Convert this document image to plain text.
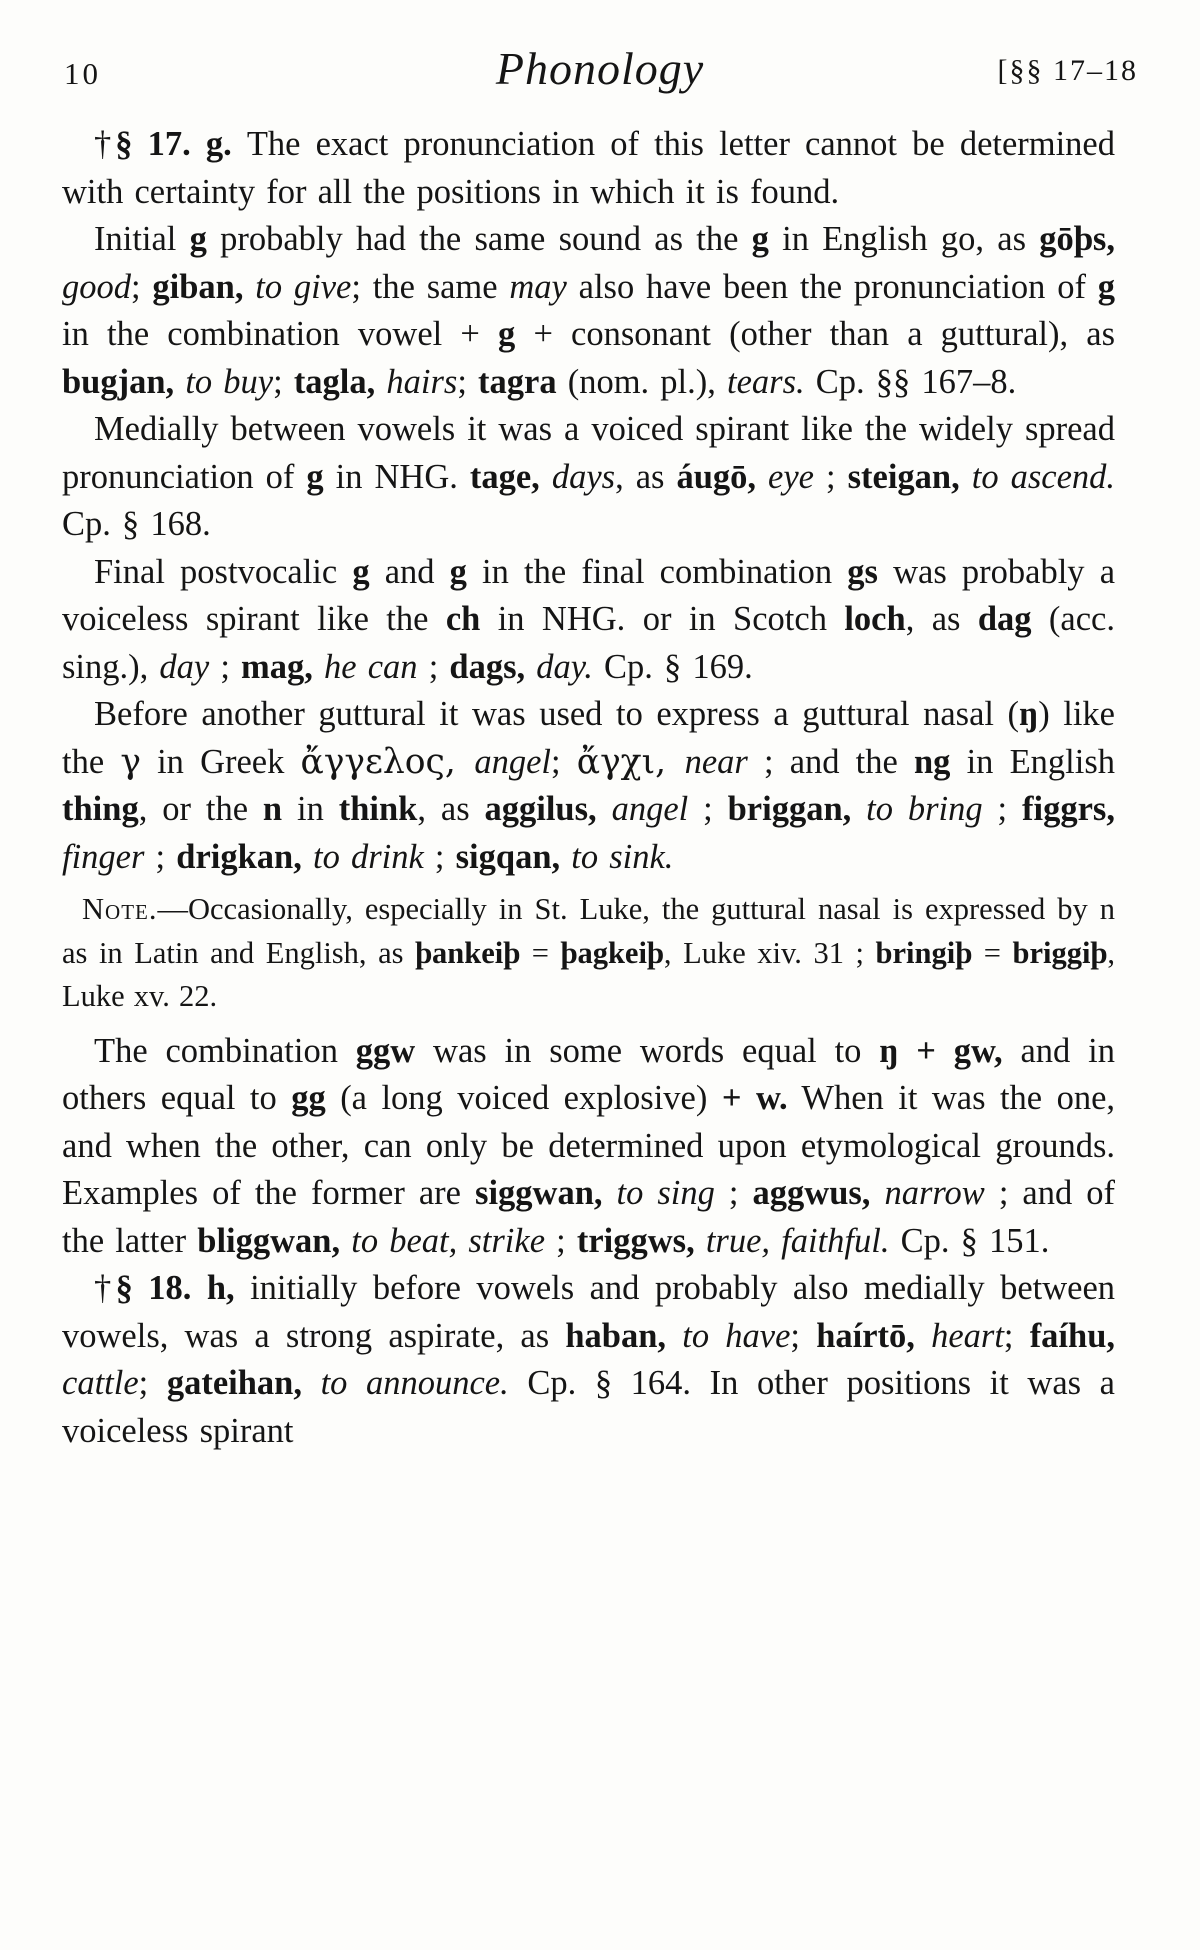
10	Phonology	[§§ 17–18

†§ 17. g. The exact pronunciation of this letter cannot be determined with certainty for all the positions in which it is found.

Initial g probably had the same sound as the g in English go, as gōþs, good; giban, to give; the same may also have been the pronunciation of g in the combination vowel + g + consonant (other than a guttural), as bugjan, to buy; tagla, hairs; tagra (nom. pl.), tears. Cp. §§ 167–8.

Medially between vowels it was a voiced spirant like the widely spread pronunciation of g in NHG. tage, days, as áugō, eye ; steigan, to ascend. Cp. § 168.

Final postvocalic g and g in the final combination gs was probably a voiceless spirant like the ch in NHG. or in Scotch loch, as dag (acc. sing.), day ; mag, he can ; dags, day. Cp. § 169.

Before another guttural it was used to express a guttural nasal (ŋ) like the γ in Greek ἄγγελος, angel; ἄγχι, near ; and the ng in English thing, or the n in think, as aggilus, angel ; briggan, to bring ; figgrs, finger ; drigkan, to drink ; sigqan, to sink.

Note.—Occasionally, especially in St. Luke, the guttural nasal is expressed by n as in Latin and English, as þankeiþ = þagkeiþ, Luke xiv. 31 ; bringiþ = briggiþ, Luke xv. 22.

The combination ggw was in some words equal to ŋ + gw, and in others equal to gg (a long voiced explosive) + w. When it was the one, and when the other, can only be determined upon etymological grounds. Examples of the former are siggwan, to sing ; aggwus, narrow ; and of the latter bliggwan, to beat, strike ; triggws, true, faithful. Cp. § 151.

†§ 18. h, initially before vowels and probably also medially between vowels, was a strong aspirate, as haban, to have; haírtō, heart; faíhu, cattle; gateihan, to announce. Cp. § 164. In other positions it was a voiceless spirant
